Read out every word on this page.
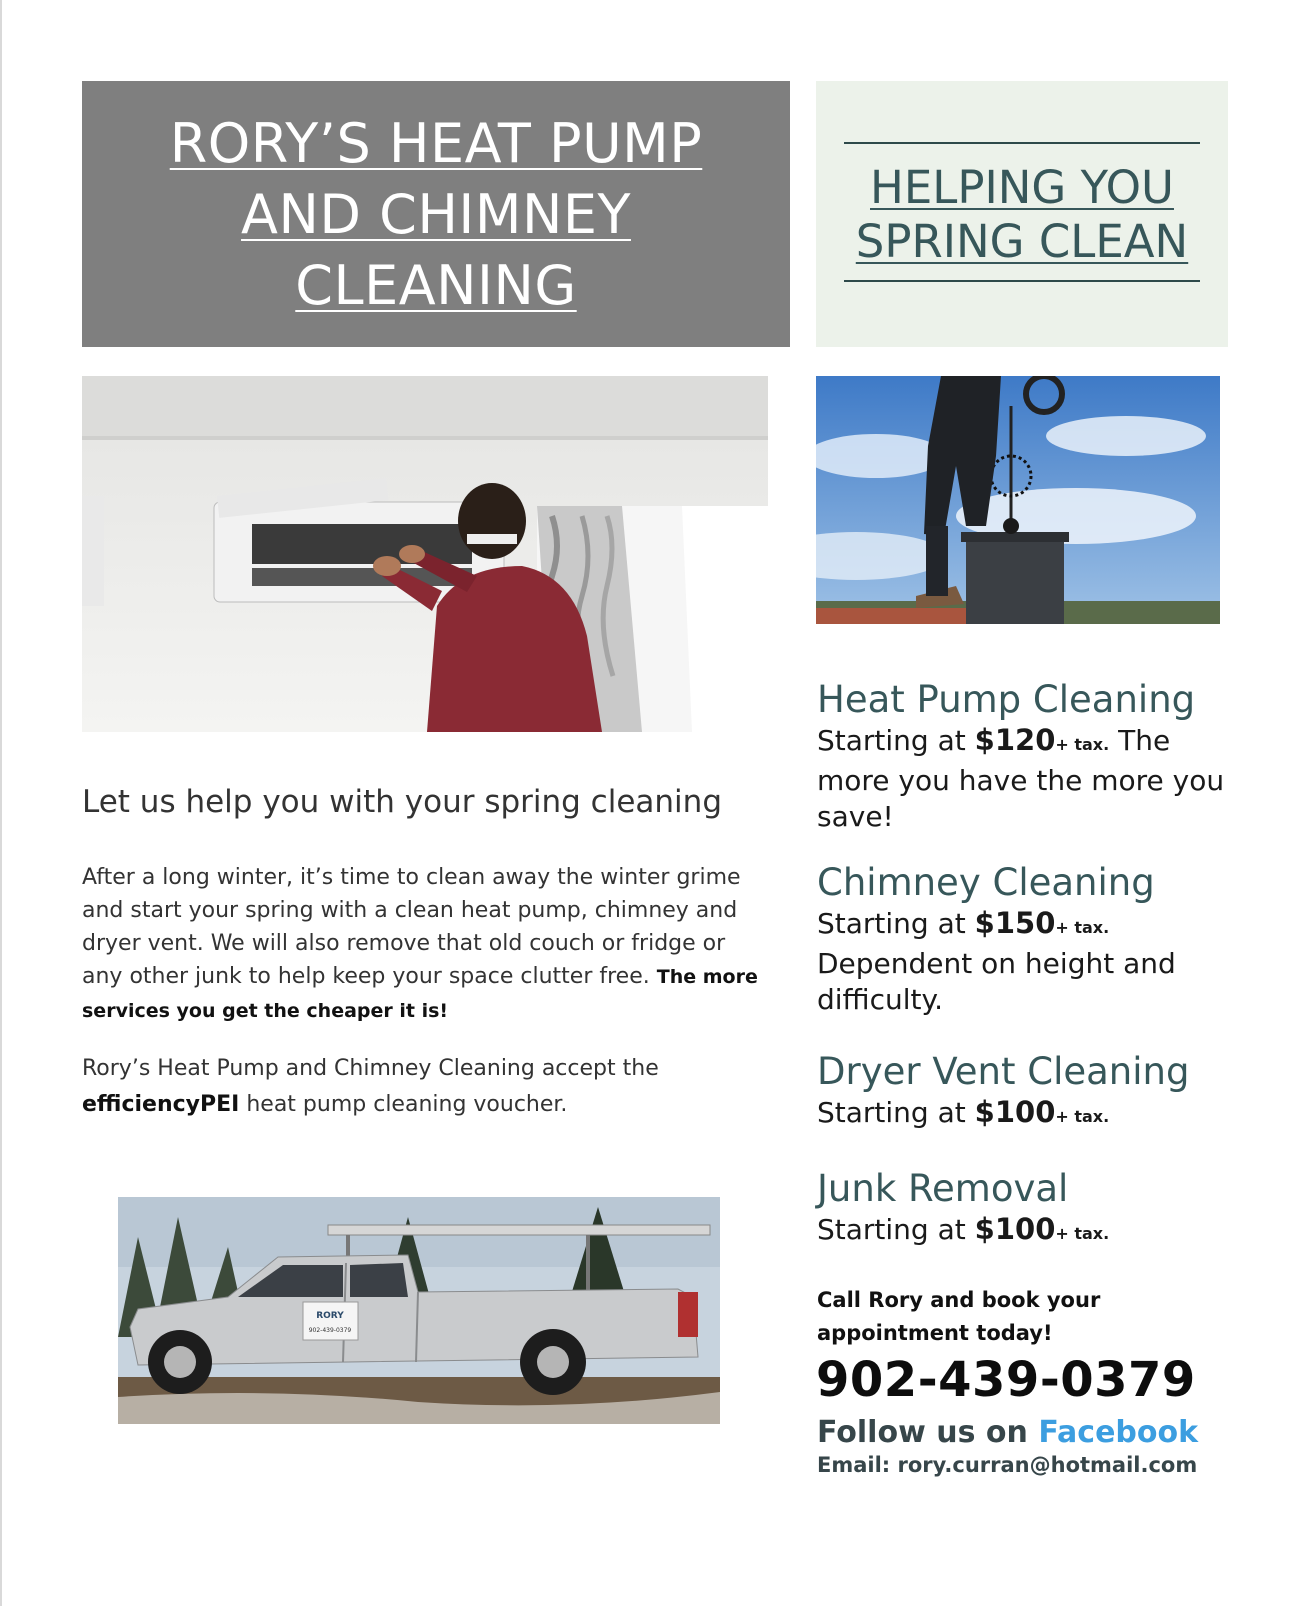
RORY’S HEAT PUMP
AND CHIMNEY
CLEANING
HELPING YOU
SPRING CLEAN
Let us help you with your spring cleaning
After a long winter, it’s time to clean away the winter grime and start your spring with a clean heat pump, chimney and dryer vent. We will also remove that old couch or fridge or any other junk to help keep your space clutter free. The more services you get the cheaper it is!
Rory’s Heat Pump and Chimney Cleaning accept the efficiencyPEI heat pump cleaning voucher.
RORY
902-439-0379
Heat Pump Cleaning

Starting at $120+ tax. The more you have the more you save!

Chimney Cleaning

Starting at $150+ tax.
Dependent on height and difficulty.

Dryer Vent Cleaning

Starting at $100+ tax.

Junk Removal

Starting at $100+ tax.

Call Rory and book your appointment today!
902-439-0379
Follow us on Facebook
Email: rory.curran@hotmail.com
